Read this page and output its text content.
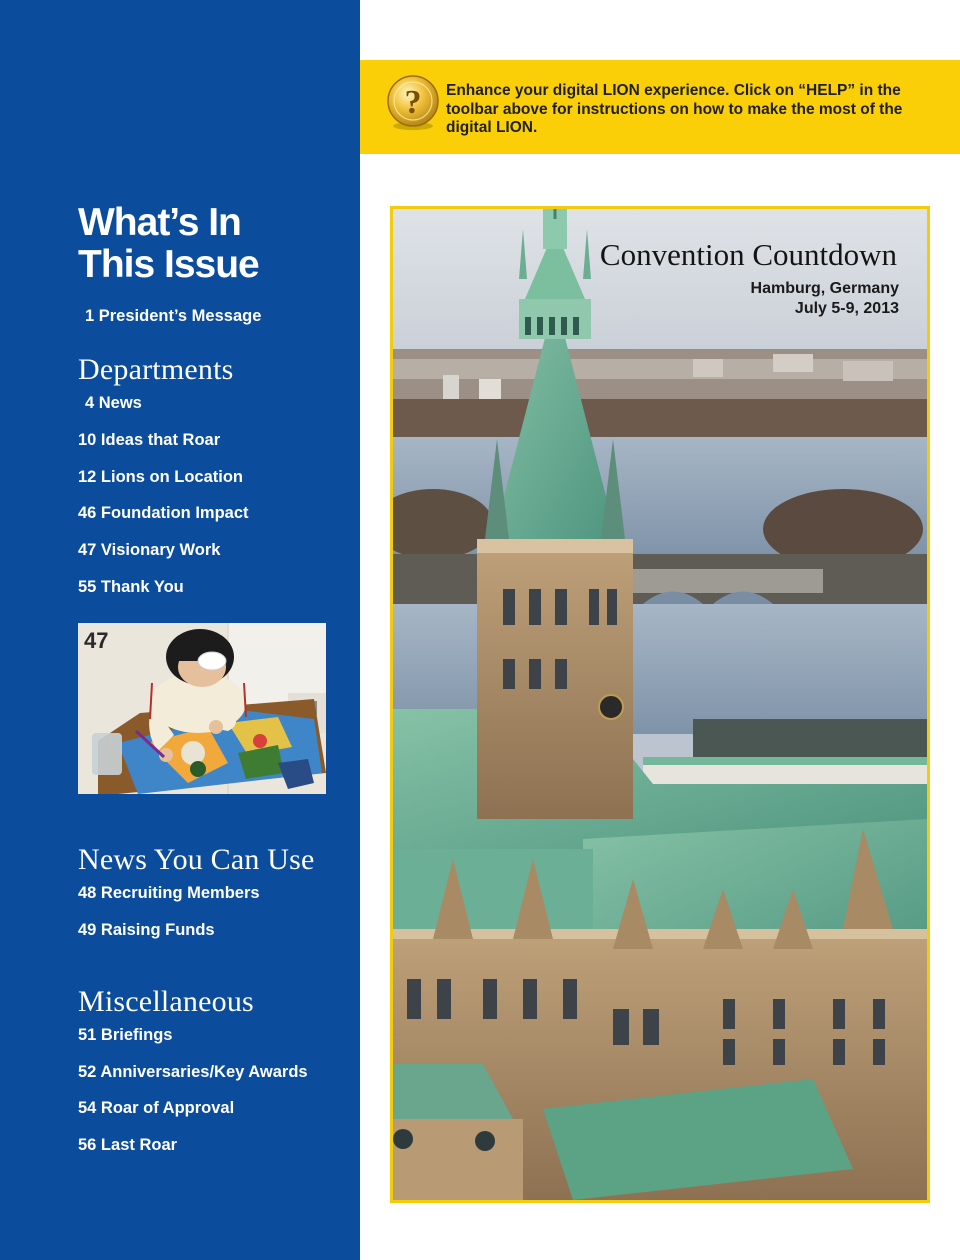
What’s In
This Issue
1 President’s Message
Departments
4 News
10 Ideas that Roar
12 Lions on Location
46 Foundation Impact
47 Visionary Work
55 Thank You
47
News You Can Use
48 Recruiting Members
49 Raising Funds
Miscellaneous
51 Briefings
52 Anniversaries/Key Awards
54 Roar of Approval
56 Last Roar
? Enhance your digital LION experience. Click on “HELP” in the toolbar above for instructions on how to make the most of the digital LION.
Convention Countdown
Hamburg, Germany
July 5-9, 2013
